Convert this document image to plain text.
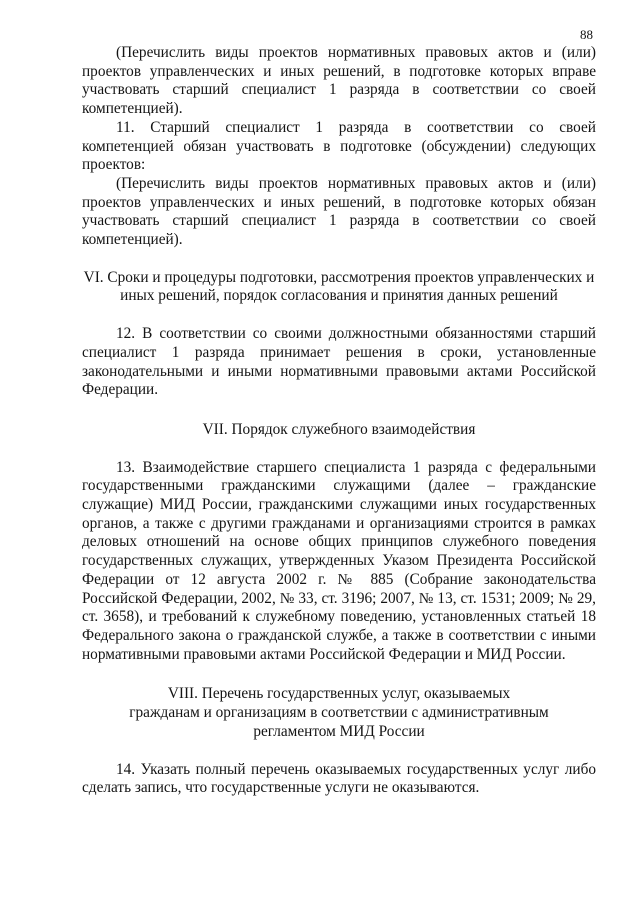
88

(Перечислить виды проектов нормативных правовых актов и (или) проектов управленческих и иных решений, в подготовке которых вправе участвовать старший специалист 1 разряда в соответствии со своей компетенцией).

11. Старший специалист 1 разряда в соответствии со своей компетенцией обязан участвовать в подготовке (обсуждении) следующих проектов:

(Перечислить виды проектов нормативных правовых актов и (или) проектов управленческих и иных решений, в подготовке которых обязан участвовать старший специалист 1 разряда в соответствии со своей компетенцией).

VI. Сроки и процедуры подготовки, рассмотрения проектов управленческих и
иных решений, порядок согласования и принятия данных решений

12. В соответствии со своими должностными обязанностями старший специалист 1 разряда принимает решения в сроки, установленные законодательными и иными нормативными правовыми актами Российской Федерации.

VII. Порядок служебного взаимодействия

13. Взаимодействие старшего специалиста 1 разряда с федеральными государственными гражданскими служащими (далее – гражданские служащие) МИД России, гражданскими служащими иных государственных органов, а также с другими гражданами и организациями строится в рамках деловых отношений на основе общих принципов служебного поведения государственных служащих, утвержденных Указом Президента Российской Федерации от 12 августа 2002 г. № 885 (Собрание законодательства Российской Федерации, 2002, № 33, ст. 3196; 2007, № 13, ст. 1531; 2009; № 29, ст. 3658), и требований к служебному поведению, установленных статьей 18 Федерального закона о гражданской службе, а также в соответствии с иными нормативными правовыми актами Российской Федерации и МИД России.

VIII. Перечень государственных услуг, оказываемых
гражданам и организациям в соответствии с административным
регламентом МИД России

14. Указать полный перечень оказываемых государственных услуг либо сделать запись, что государственные услуги не оказываются.
